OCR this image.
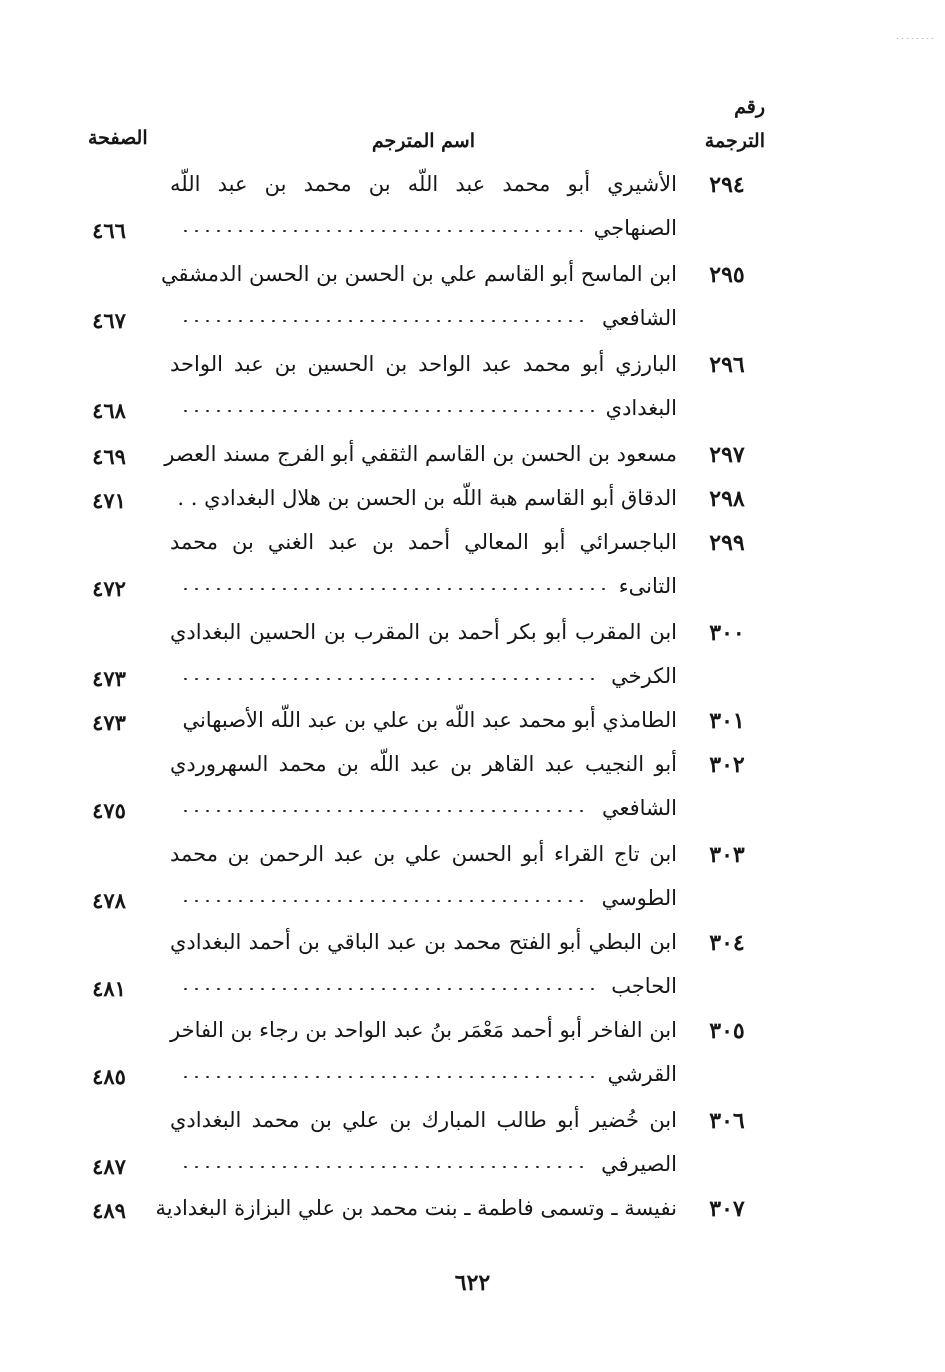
رقم
الترجمة
اسم المترجم
الصفحة
٢٩٤
الأشيري أبو محمد عبد اللّه بن محمد بن عبد اللّه
الصنهاجي
٤٦٦
٢٩٥
ابن الماسح أبو القاسم علي بن الحسن بن الحسن الدمشقي
الشافعي
٤٦٧
٢٩٦
البارزي أبو محمد عبد الواحد بن الحسين بن عبد الواحد
البغدادي
٤٦٨
٢٩٧
مسعود بن الحسن بن القاسم الثقفي أبو الفرج مسند العصر
٤٦٩
٢٩٨
الدقاق أبو القاسم هبة اللّه بن الحسن بن هلال البغدادي . .
٤٧١
٢٩٩
الباجسرائي أبو المعالي أحمد بن عبد الغني بن محمد
التانىء
٤٧٢
٣٠٠
ابن المقرب أبو بكر أحمد بن المقرب بن الحسين البغدادي
الكرخي
٤٧٣
٣٠١
الطامذي أبو محمد عبد اللّه بن علي بن عبد اللّه الأصبهاني
٤٧٣
٣٠٢
أبو النجيب عبد القاهر بن عبد اللّه بن محمد السهروردي
الشافعي
٤٧٥
٣٠٣
ابن تاج القراء أبو الحسن علي بن عبد الرحمن بن محمد
الطوسي
٤٧٨
٣٠٤
ابن البطي أبو الفتح محمد بن عبد الباقي بن أحمد البغدادي
الحاجب
٤٨١
٣٠٥
ابن الفاخر أبو أحمد مَعْمَر بنُ عبد الواحد بن رجاء بن الفاخر
القرشي
٤٨٥
٣٠٦
ابن خُضير أبو طالب المبارك بن علي بن محمد البغدادي
الصيرفي
٤٨٧
٣٠٧
نفيسة ـ وتسمى فاطمة ـ بنت محمد بن علي البزازة البغدادية
٤٨٩
٦٢٢
